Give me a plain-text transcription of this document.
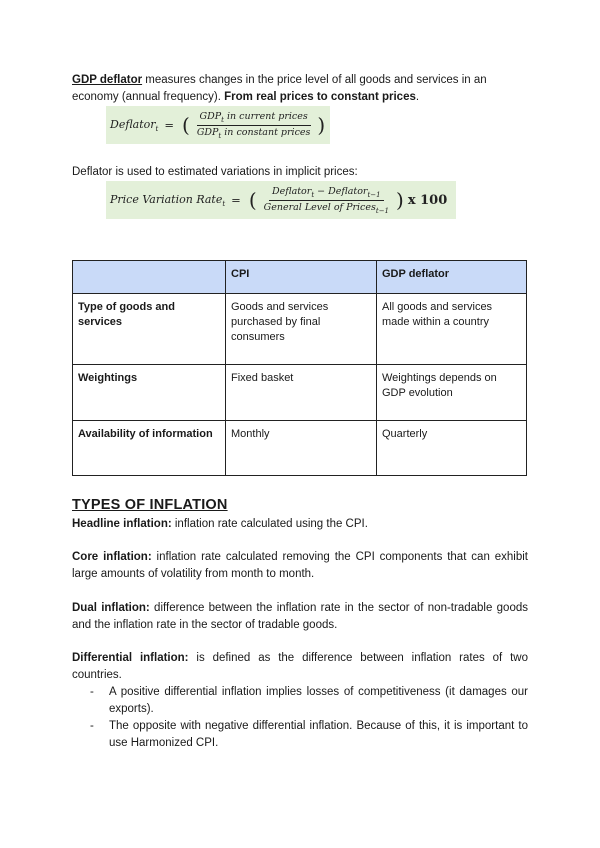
GDP deflator measures changes in the price level of all goods and services in an economy (annual frequency). From real prices to constant prices.

Deflator$_t$ = ( $\frac{GDP_t in current prices}{GDP_t in constant prices}$ )

Deflator is used to estimated variations in implicit prices:

Price Variation Rate$_t$ = ( $\frac{Deflator_t - Deflator_{t-1}}{General Level of Prices_{t-1}}$ ) x 100
	CPI	GDP deflator
Type of goods and services	Goods and services purchased by final consumers	All goods and services made within a country
Weightings	Fixed basket	Weightings depends on GDP evolution
Availability of information	Monthly	Quarterly
TYPES OF INFLATION

Headline inflation: inflation rate calculated using the CPI.

Core inflation: inflation rate calculated removing the CPI components that can exhibit large amounts of volatility from month to month.

Dual inflation: difference between the inflation rate in the sector of non-tradable goods and the inflation rate in the sector of tradable goods.

Differential inflation: is defined as the difference between inflation rates of two countries.

- A positive differential inflation implies losses of competitiveness (it damages our exports).
- The opposite with negative differential inflation. Because of this, it is important to use Harmonized CPI.
